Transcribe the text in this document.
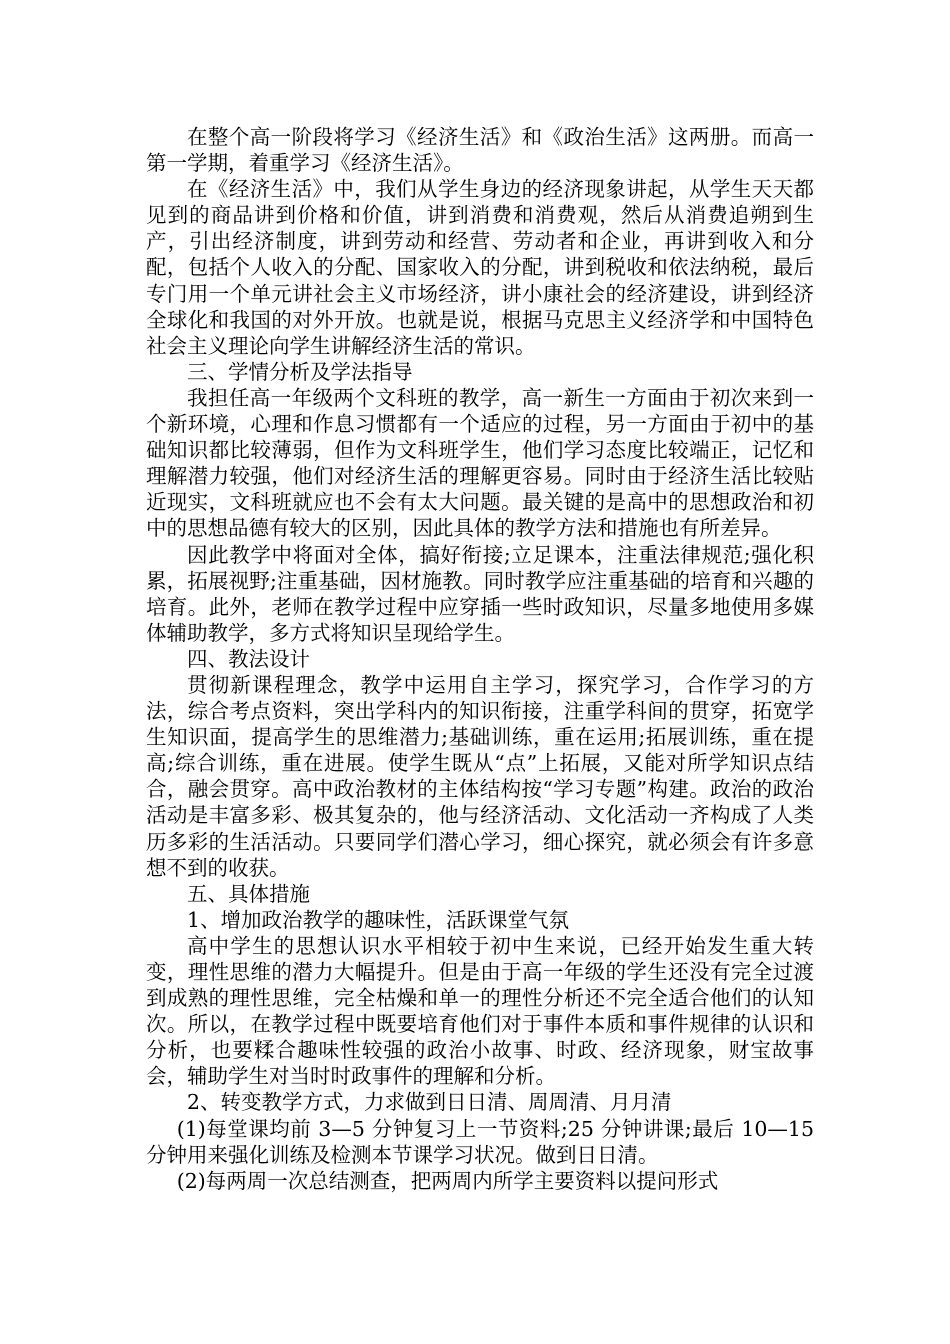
在整个高一阶段将学习《经济生活》和《政治生活》这两册。而高一第一学期，着重学习《经济生活》。

在《经济生活》中，我们从学生身边的经济现象讲起，从学生天天都见到的商品讲到价格和价值，讲到消费和消费观，然后从消费追朔到生产，引出经济制度，讲到劳动和经营、劳动者和企业，再讲到收入和分配，包括个人收入的分配、国家收入的分配，讲到税收和依法纳税，最后专门用一个单元讲社会主义市场经济，讲小康社会的经济建设，讲到经济全球化和我国的对外开放。也就是说，根据马克思主义经济学和中国特色社会主义理论向学生讲解经济生活的常识。

三、学情分析及学法指导

我担任高一年级两个文科班的教学，高一新生一方面由于初次来到一个新环境，心理和作息习惯都有一个适应的过程，另一方面由于初中的基础知识都比较薄弱，但作为文科班学生，他们学习态度比较端正，记忆和理解潜力较强，他们对经济生活的理解更容易。同时由于经济生活比较贴近现实，文科班就应也不会有太大问题。最关键的是高中的思想政治和初中的思想品德有较大的区别，因此具体的教学方法和措施也有所差异。

因此教学中将面对全体，搞好衔接;立足课本，注重法律规范;强化积累，拓展视野;注重基础，因材施教。同时教学应注重基础的培育和兴趣的培育。此外，老师在教学过程中应穿插一些时政知识，尽量多地使用多媒体辅助教学，多方式将知识呈现给学生。

四、教法设计

贯彻新课程理念，教学中运用自主学习，探究学习，合作学习的方法，综合考点资料，突出学科内的知识衔接，注重学科间的贯穿，拓宽学生知识面，提高学生的思维潜力;基础训练，重在运用;拓展训练，重在提高;综合训练，重在进展。使学生既从“点”上拓展，又能对所学知识点结合，融会贯穿。高中政治教材的主体结构按“学习专题”构建。政治的政治活动是丰富多彩、极其复杂的，他与经济活动、文化活动一齐构成了人类历多彩的生活活动。只要同学们潜心学习，细心探究，就必须会有许多意想不到的收获。

五、具体措施

1、增加政治教学的趣味性，活跃课堂气氛

高中学生的思想认识水平相较于初中生来说，已经开始发生重大转变，理性思维的潜力大幅提升。但是由于高一年级的学生还没有完全过渡到成熟的理性思维，完全枯燥和单一的理性分析还不完全适合他们的认知次。所以，在教学过程中既要培育他们对于事件本质和事件规律的认识和分析，也要糅合趣味性较强的政治小故事、时政、经济现象，财宝故事会，辅助学生对当时时政事件的理解和分析。

2、转变教学方式，力求做到日日清、周周清、月月清

(1)每堂课均前 3—5 分钟复习上一节资料;25 分钟讲课;最后 10—15 分钟用来强化训练及检测本节课学习状况。做到日日清。

(2)每两周一次总结测查，把两周内所学主要资料以提问形式
